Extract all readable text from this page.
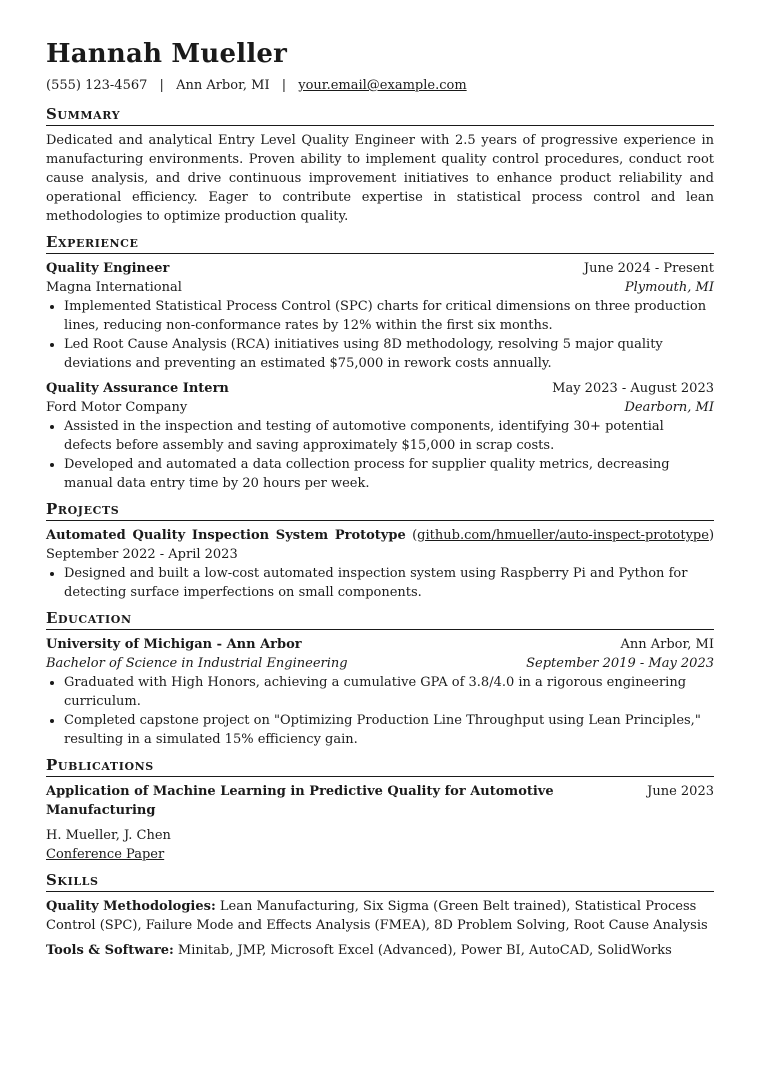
Hannah Mueller
(555) 123-4567 | Ann Arbor, MI | your.email@example.com
Summary
Dedicated and analytical Entry Level Quality Engineer with 2.5 years of progressive experience in manufacturing environments. Proven ability to implement quality control procedures, conduct root cause analysis, and drive continuous improvement initiatives to enhance product reliability and operational efficiency. Eager to contribute expertise in statistical process control and lean methodologies to optimize production quality.
Experience
Quality Engineer	June 2024 - Present
Magna International	Plymouth, MI
• Implemented Statistical Process Control (SPC) charts for critical dimensions on three production lines, reducing non-conformance rates by 12% within the first six months.
• Led Root Cause Analysis (RCA) initiatives using 8D methodology, resolving 5 major quality deviations and preventing an estimated $75,000 in rework costs annually.
Quality Assurance Intern	May 2023 - August 2023
Ford Motor Company	Dearborn, MI
• Assisted in the inspection and testing of automotive components, identifying 30+ potential defects before assembly and saving approximately $15,000 in scrap costs.
• Developed and automated a data collection process for supplier quality metrics, decreasing manual data entry time by 20 hours per week.
Projects
Automated Quality Inspection System Prototype (github.com/hmueller/auto-inspect-prototype) September 2022 - April 2023
• Designed and built a low-cost automated inspection system using Raspberry Pi and Python for detecting surface imperfections on small components.
Education
University of Michigan - Ann Arbor	Ann Arbor, MI
Bachelor of Science in Industrial Engineering	September 2019 - May 2023
• Graduated with High Honors, achieving a cumulative GPA of 3.8/4.0 in a rigorous engineering curriculum.
• Completed capstone project on "Optimizing Production Line Throughput using Lean Principles," resulting in a simulated 15% efficiency gain.
Publications
Application of Machine Learning in Predictive Quality for Automotive Manufacturing
June 2023
H. Mueller, J. Chen
Conference Paper
Skills
Quality Methodologies: Lean Manufacturing, Six Sigma (Green Belt trained), Statistical Process Control (SPC), Failure Mode and Effects Analysis (FMEA), 8D Problem Solving, Root Cause Analysis
Tools & Software: Minitab, JMP, Microsoft Excel (Advanced), Power BI, AutoCAD, SolidWorks
